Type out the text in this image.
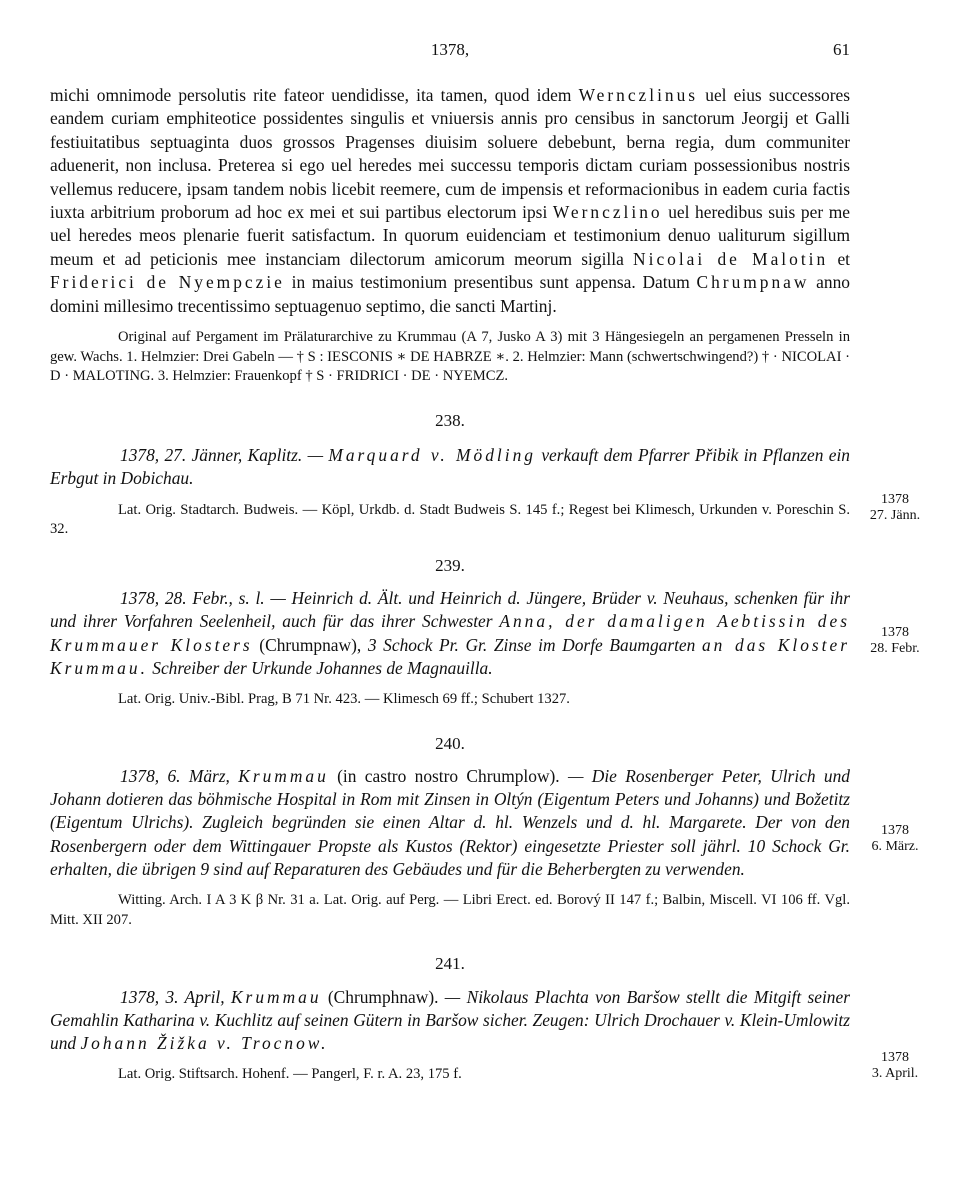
1378,	61

michi omnimode persolutis rite fateor uendidisse, ita tamen, quod idem Wernczlinus uel eius successores eandem curiam emphiteotice possidentes singulis et vniuersis annis pro censibus in sanctorum Jeorgij et Galli festiuitatibus septuaginta duos grossos Pragenses diuisim soluere debebunt, berna regia, dum communiter aduenerit, non inclusa. Preterea si ego uel heredes mei successu temporis dictam curiam possessionibus nostris vellemus reducere, ipsam tandem nobis licebit reemere, cum de impensis et reformacionibus in eadem curia factis iuxta arbitrium proborum ad hoc ex mei et sui partibus electorum ipsi Wernczlino uel heredibus suis per me uel heredes meos plenarie fuerit satisfactum. In quorum euidenciam et testimonium denuo ualiturum sigillum meum et ad peticionis mee instanciam dilectorum amicorum meorum sigilla Nicolai de Malotin et Friderici de Nyempczie in maius testimonium presentibus sunt appensa. Datum Chrumpnaw anno domini millesimo trecentissimo septuagenuo septimo, die sancti Martinj.

Original auf Pergament im Prälaturarchive zu Krummau (A 7, Jusko A 3) mit 3 Hängesiegeln an pergamenen Presseln in gew. Wachs. 1. Helmzier: Drei Gabeln — † S : IESCONIS ∗ DE HABRZE ∗. 2. Helmzier: Mann (schwertschwingend?) † · NICOLAI · D · MALOTING. 3. Helmzier: Frauenkopf † S · FRIDRICI · DE · NYEMCZ.

238.

1378, 27. Jänner, Kaplitz. — Marquard v. Mödling verkauft dem Pfarrer Přibik in Pflanzen ein Erbgut in Dobichau.

Lat. Orig. Stadtarch. Budweis. — Köpl, Urkdb. d. Stadt Budweis S. 145 f.; Regest bei Klimesch, Urkunden v. Poreschin S. 32.

239.

1378, 28. Febr., s. l. — Heinrich d. Ält. und Heinrich d. Jüngere, Brüder v. Neuhaus, schenken für ihr und ihrer Vorfahren Seelenheil, auch für das ihrer Schwester Anna, der damaligen Aebtissin des Krummauer Klosters (Chrumpnaw), 3 Schock Pr. Gr. Zinse im Dorfe Baumgarten an das Kloster Krummau. Schreiber der Urkunde Johannes de Magnauilla.

Lat. Orig. Univ.-Bibl. Prag, B 71 Nr. 423. — Klimesch 69 ff.; Schubert 1327.

240.

1378, 6. März, Krummau (in castro nostro Chrumplow). — Die Rosenberger Peter, Ulrich und Johann dotieren das böhmische Hospital in Rom mit Zinsen in Oltýn (Eigentum Peters und Johanns) und Božetitz (Eigentum Ulrichs). Zugleich begründen sie einen Altar d. hl. Wenzels und d. hl. Margarete. Der von den Rosenbergern oder dem Wittingauer Propste als Kustos (Rektor) eingesetzte Priester soll jährl. 10 Schock Gr. erhalten, die übrigen 9 sind auf Reparaturen des Gebäudes und für die Beherbergten zu verwenden.

Witting. Arch. I A 3 K β Nr. 31 a. Lat. Orig. auf Perg. — Libri Erect. ed. Borový II 147 f.; Balbin, Miscell. VI 106 ff. Vgl. Mitt. XII 207.

241.

1378, 3. April, Krummau (Chrumphnaw). — Nikolaus Plachta von Baršow stellt die Mitgift seiner Gemahlin Katharina v. Kuchlitz auf seinen Gütern in Baršow sicher. Zeugen: Ulrich Drochauer v. Klein-Umlowitz und Johann Žižka v. Trocnow.

Lat. Orig. Stiftsarch. Hohenf. — Pangerl, F. r. A. 23, 175 f.

1378
27. Jänn.
1378
28. Febr.
1378
6. März.
1378
3. April.
